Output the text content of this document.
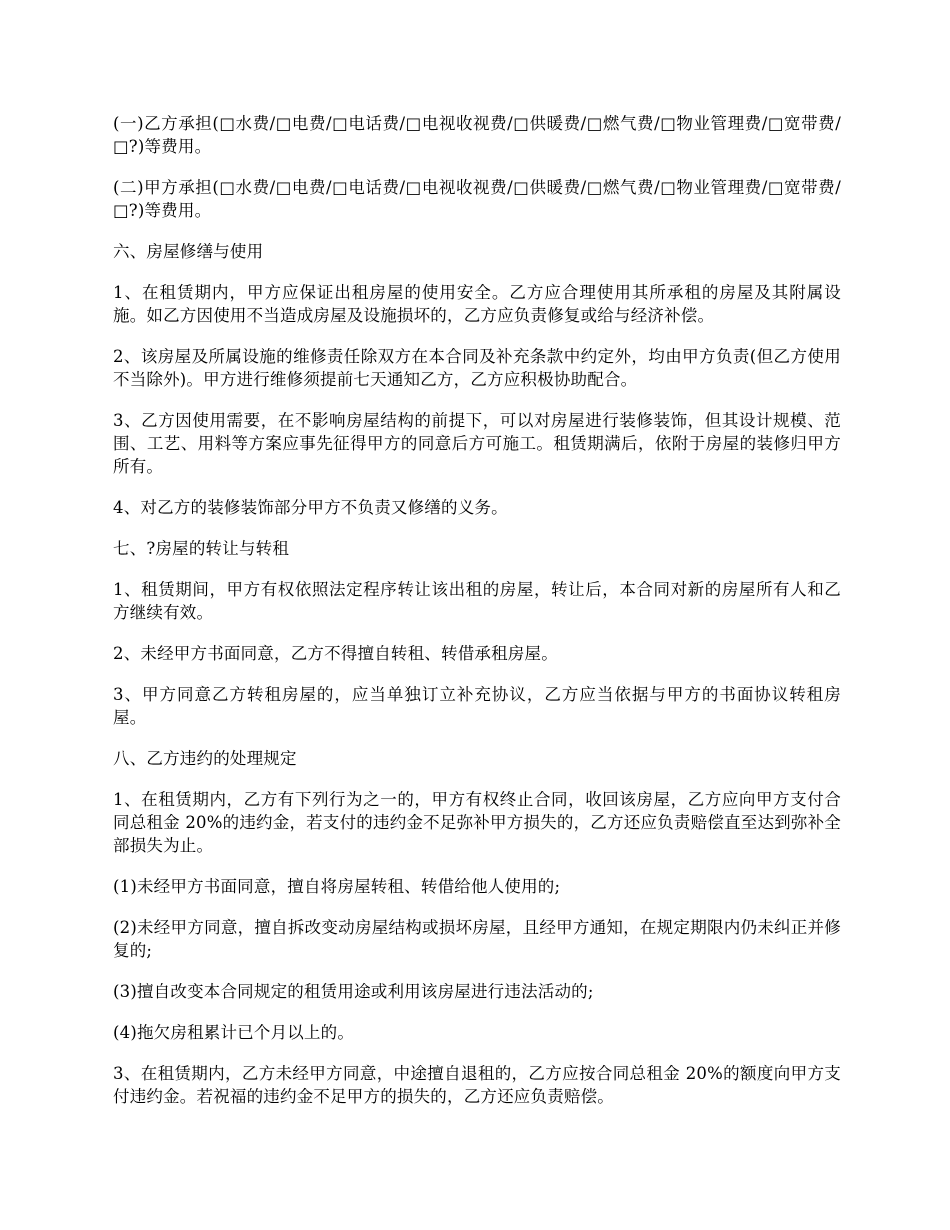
(一)乙方承担(□水费/□电费/□电话费/□电视收视费/□供暖费/□燃气费/□物业管理费/□宽带费/□?)等费用。

(二)甲方承担(□水费/□电费/□电话费/□电视收视费/□供暖费/□燃气费/□物业管理费/□宽带费/□?)等费用。

六、房屋修缮与使用

1、在租赁期内，甲方应保证出租房屋的使用安全。乙方应合理使用其所承租的房屋及其附属设施。如乙方因使用不当造成房屋及设施损坏的，乙方应负责修复或给与经济补偿。

2、该房屋及所属设施的维修责任除双方在本合同及补充条款中约定外，均由甲方负责(但乙方使用不当除外)。甲方进行维修须提前七天通知乙方，乙方应积极协助配合。

3、乙方因使用需要，在不影响房屋结构的前提下，可以对房屋进行装修装饰，但其设计规模、范围、工艺、用料等方案应事先征得甲方的同意后方可施工。租赁期满后，依附于房屋的装修归甲方所有。

4、对乙方的装修装饰部分甲方不负责又修缮的义务。

七、?房屋的转让与转租

1、租赁期间，甲方有权依照法定程序转让该出租的房屋，转让后，本合同对新的房屋所有人和乙方继续有效。

2、未经甲方书面同意，乙方不得擅自转租、转借承租房屋。

3、甲方同意乙方转租房屋的，应当单独订立补充协议，乙方应当依据与甲方的书面协议转租房屋。

八、乙方违约的处理规定

1、在租赁期内，乙方有下列行为之一的，甲方有权终止合同，收回该房屋，乙方应向甲方支付合同总租金 20%的违约金，若支付的违约金不足弥补甲方损失的，乙方还应负责赔偿直至达到弥补全部损失为止。

(1)未经甲方书面同意，擅自将房屋转租、转借给他人使用的;

(2)未经甲方同意，擅自拆改变动房屋结构或损坏房屋，且经甲方通知，在规定期限内仍未纠正并修复的;

(3)擅自改变本合同规定的租赁用途或利用该房屋进行违法活动的;

(4)拖欠房租累计已个月以上的。

3、在租赁期内，乙方未经甲方同意，中途擅自退租的，乙方应按合同总租金 20%的额度向甲方支付违约金。若祝福的违约金不足甲方的损失的，乙方还应负责赔偿。
